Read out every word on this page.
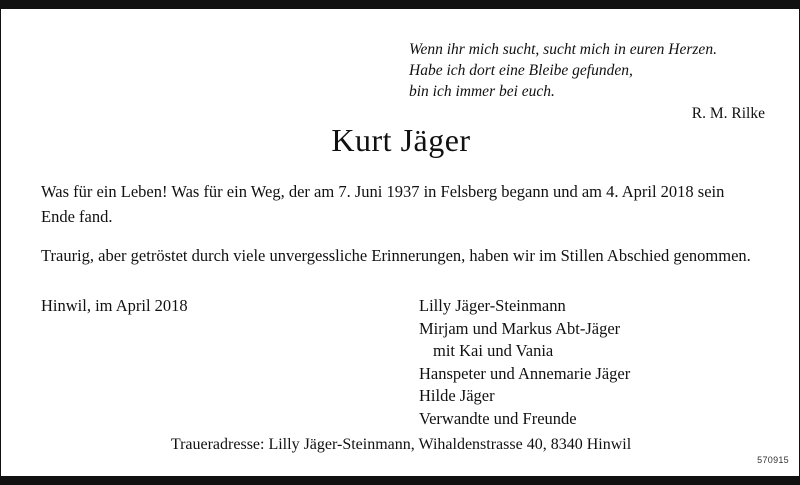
Wenn ihr mich sucht, sucht mich in euren Herzen.
Habe ich dort eine Bleibe gefunden,
bin ich immer bei euch.
R. M. Rilke
Kurt Jäger

Was für ein Leben! Was für ein Weg, der am 7. Juni 1937 in Felsberg begann und am 4. April 2018 sein Ende fand.

Traurig, aber getröstet durch viele unvergessliche Erinnerungen, haben wir im Stillen Abschied genommen.

Hinwil, im April 2018	Lilly Jäger-Steinmann
Mirjam und Markus Abt-Jäger
mit Kai und Vania
Hanspeter und Annemarie Jäger
Hilde Jäger
Verwandte und Freunde
Traueradresse: Lilly Jäger-Steinmann, Wihaldenstrasse 40, 8340 Hinwil
570915
